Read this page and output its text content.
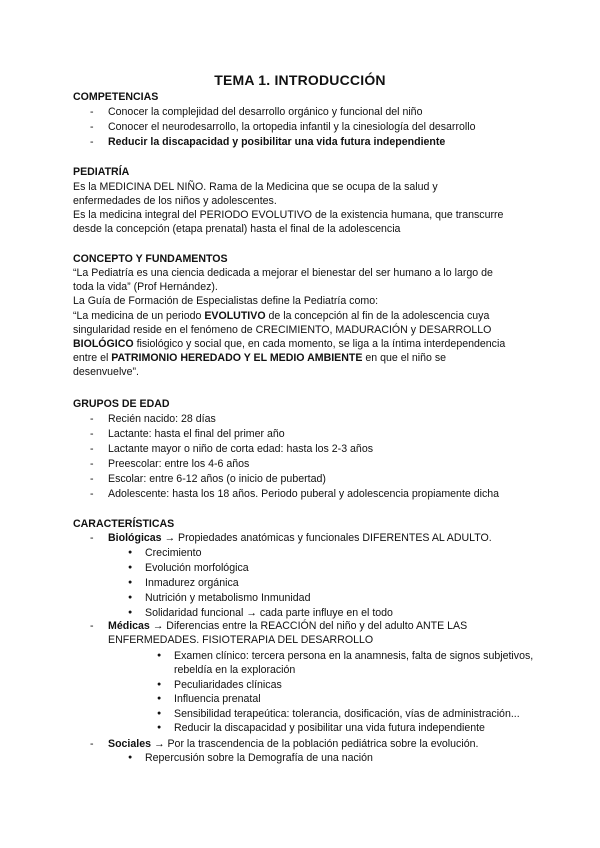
TEMA 1. INTRODUCCIÓN
COMPETENCIAS
- Conocer la complejidad del desarrollo orgánico y funcional del niño
- Conocer el neurodesarrollo, la ortopedia infantil y la cinesiología del desarrollo
- Reducir la discapacidad y posibilitar una vida futura independiente
PEDIATRÍA
Es la MEDICINA DEL NIÑO. Rama de la Medicina que se ocupa de la salud y
enfermedades de los niños y adolescentes.
Es la medicina integral del PERIODO EVOLUTIVO de la existencia humana, que transcurre
desde la concepción (etapa prenatal) hasta el final de la adolescencia
CONCEPTO Y FUNDAMENTOS
“La Pediatría es una ciencia dedicada a mejorar el bienestar del ser humano a lo largo de
toda la vida” (Prof Hernández).
La Guía de Formación de Especialistas define la Pediatría como:
“La medicina de un periodo EVOLUTIVO de la concepción al fin de la adolescencia cuya
singularidad reside en el fenómeno de CRECIMIENTO, MADURACIÓN y DESARROLLO
BIOLÓGICO fisiológico y social que, en cada momento, se liga a la íntima interdependencia
entre el PATRIMONIO HEREDADO Y EL MEDIO AMBIENTE en que el niño se
desenvuelve”.
GRUPOS DE EDAD
- Recién nacido: 28 días
- Lactante: hasta el final del primer año
- Lactante mayor o niño de corta edad: hasta los 2-3 años
- Preescolar: entre los 4-6 años
- Escolar: entre 6-12 años (o inicio de pubertad)
- Adolescente: hasta los 18 años. Periodo puberal y adolescencia propiamente dicha
CARACTERÍSTICAS
- Biológicas → Propiedades anatómicas y funcionales DIFERENTES AL ADULTO.
● Crecimiento
● Evolución morfológica
● Inmadurez orgánica
● Nutrición y metabolismo Inmunidad
● Solidaridad funcional → cada parte influye en el todo
- Médicas → Diferencias entre la REACCIÓN del niño y del adulto ANTE LAS
ENFERMEDADES. FISIOTERAPIA DEL DESARROLLO
● Examen clínico: tercera persona en la anamnesis, falta de signos subjetivos,
rebeldía en la exploración
● Peculiaridades clínicas
● Influencia prenatal
● Sensibilidad terapeútica: tolerancia, dosificación, vías de administración...
● Reducir la discapacidad y posibilitar una vida futura independiente
- Sociales → Por la trascendencia de la población pediátrica sobre la evolución.
● Repercusión sobre la Demografía de una nación
